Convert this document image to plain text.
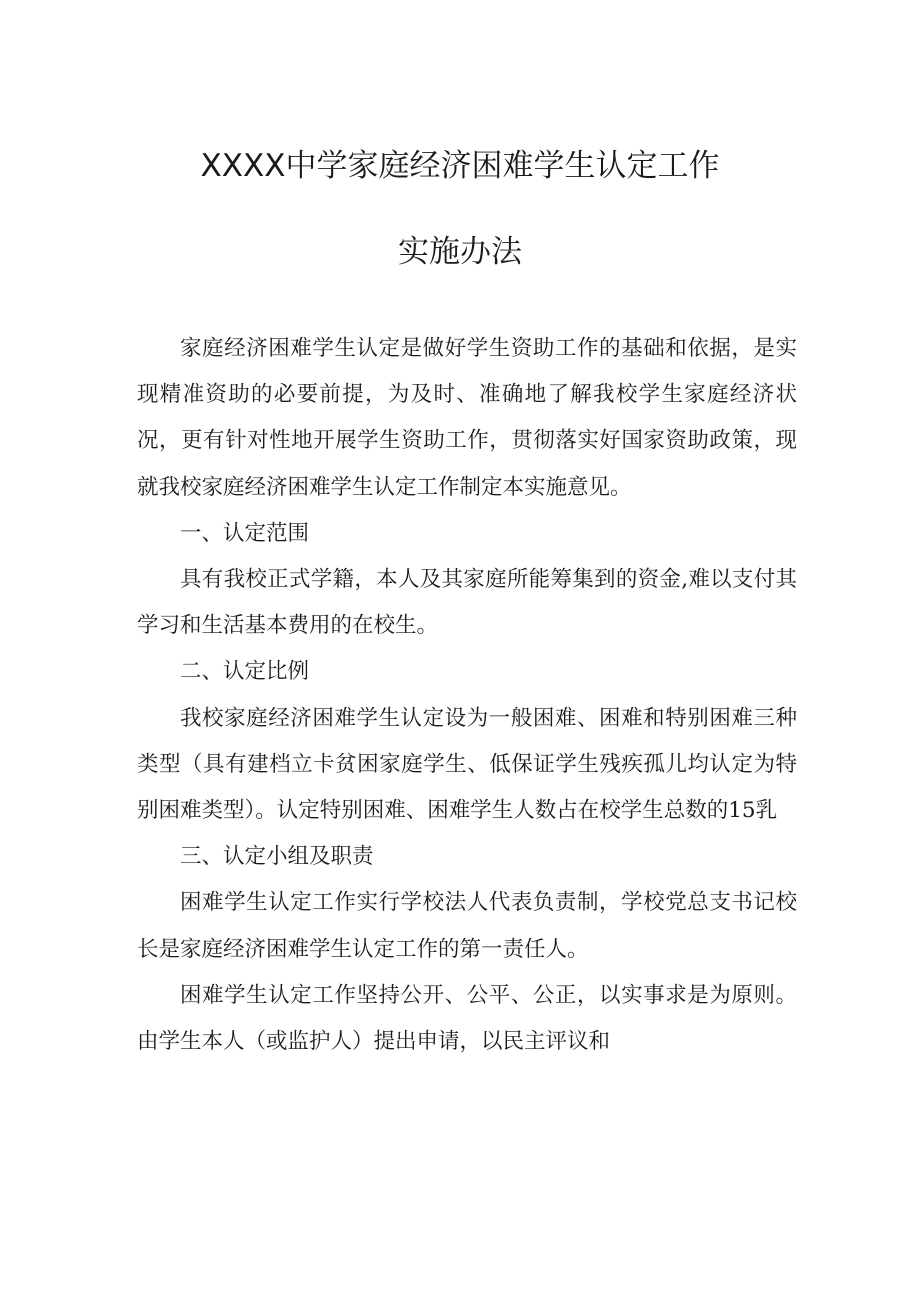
XXXX中学家庭经济困难学生认定工作
实施办法

家庭经济困难学生认定是做好学生资助工作的基础和依据，是实现精准资助的必要前提，为及时、准确地了解我校学生家庭经济状况，更有针对性地开展学生资助工作，贯彻落实好国家资助政策，现就我校家庭经济困难学生认定工作制定本实施意见。

一、认定范围

具有我校正式学籍，本人及其家庭所能筹集到的资金,难以支付其学习和生活基本费用的在校生。

二、认定比例

我校家庭经济困难学生认定设为一般困难、困难和特别困难三种类型（具有建档立卡贫困家庭学生、低保证学生残疾孤儿均认定为特别困难类型）。认定特别困难、困难学生人数占在校学生总数的15乳

三、认定小组及职责

困难学生认定工作实行学校法人代表负责制，学校党总支书记校长是家庭经济困难学生认定工作的第一责任人。

困难学生认定工作坚持公开、公平、公正，以实事求是为原则。由学生本人（或监护人）提出申请，以民主评议和
